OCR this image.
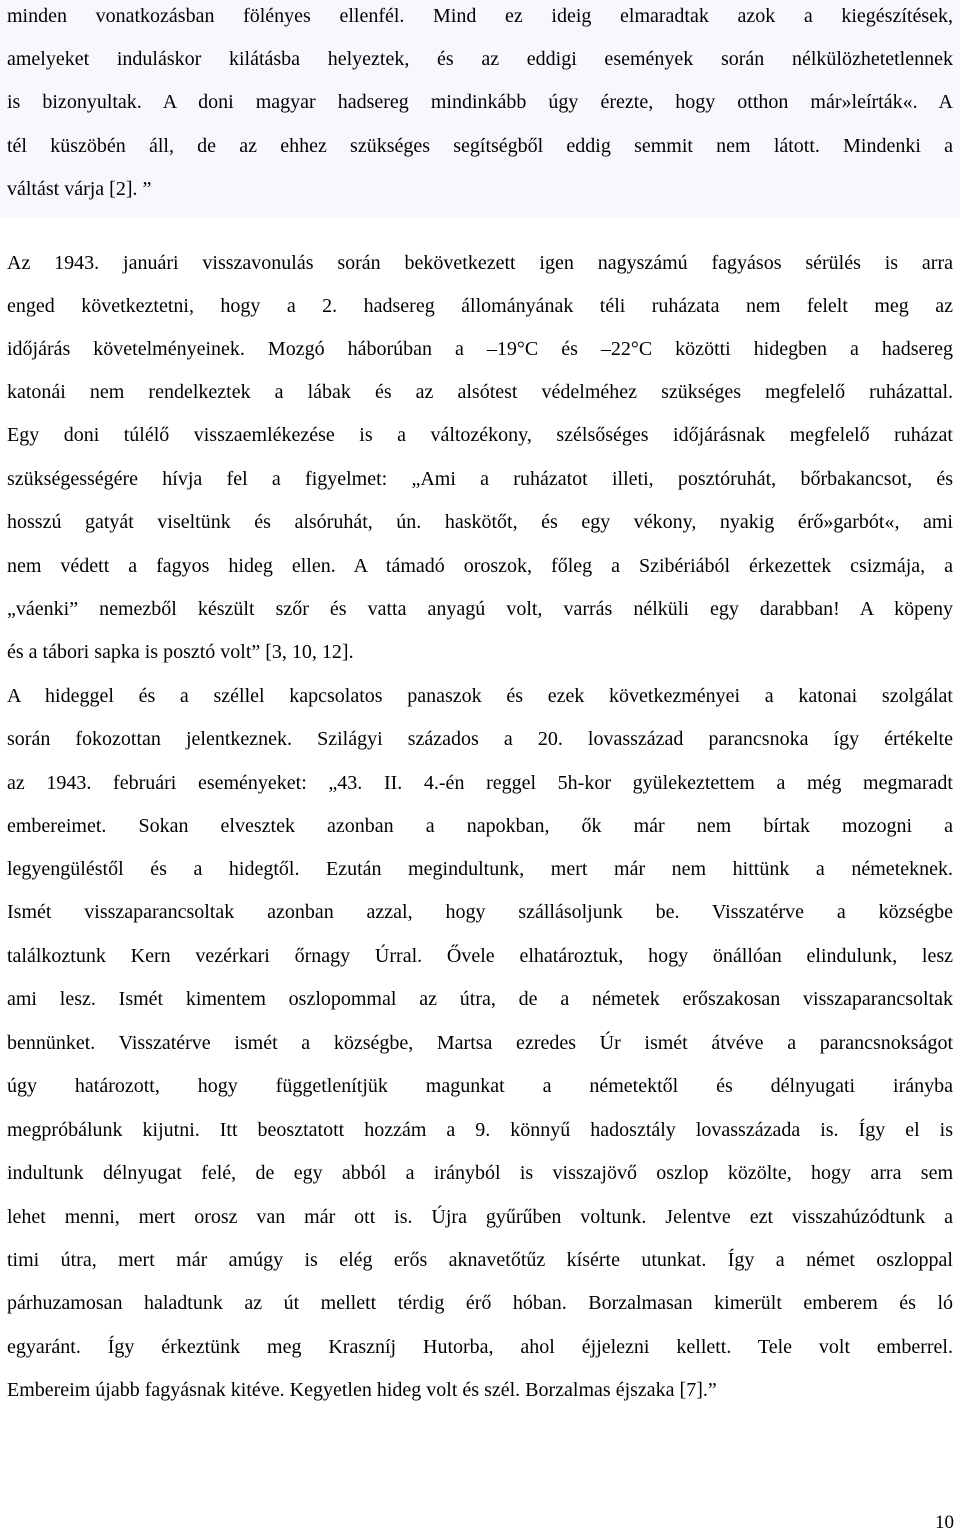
minden vonatkozásban fölényes ellenfél. Mind ez ideig elmaradtak azok a kiegészítések,
amelyeket induláskor kilátásba helyeztek, és az eddigi események során nélkülözhetetlennek
is bizonyultak. A doni magyar hadsereg mindinkább úgy érezte, hogy otthon már»leírták«. A
tél küszöbén áll, de az ehhez szükséges segítségből eddig semmit nem látott. Mindenki a
váltást várja [2]. ”
Az 1943. januári visszavonulás során bekövetkezett igen nagyszámú fagyásos sérülés is arra
enged következtetni, hogy a 2. hadsereg állományának téli ruházata nem felelt meg az
időjárás követelményeinek. Mozgó háborúban a –19°C és –22°C közötti hidegben a hadsereg
katonái nem rendelkeztek a lábak és az alsótest védelméhez szükséges megfelelő ruházattal.
Egy doni túlélő visszaemlékezése is a változékony, szélsőséges időjárásnak megfelelő ruházat
szükségességére hívja fel a figyelmet: „Ami a ruházatot illeti, posztóruhát, bőrbakancsot, és
hosszú gatyát viseltünk és alsóruhát, ún. haskötőt, és egy vékony, nyakig érő»garbót«, ami
nem védett a fagyos hideg ellen. A támadó oroszok, főleg a Szibériából érkezettek csizmája, a
„váenki” nemezből készült szőr és vatta anyagú volt, varrás nélküli egy darabban! A köpeny
és a tábori sapka is posztó volt” [3, 10, 12].
A hideggel és a széllel kapcsolatos panaszok és ezek következményei a katonai szolgálat
során fokozottan jelentkeznek. Szilágyi százados a 20. lovasszázad parancsnoka így értékelte
az 1943. februári eseményeket: „43. II. 4.-én reggel 5h-kor gyülekeztettem a még megmaradt
embereimet. Sokan elvesztek azonban a napokban, ők már nem bírtak mozogni a
legyengüléstől és a hidegtől. Ezután megindultunk, mert már nem hittünk a németeknek.
Ismét visszaparancsoltak azonban azzal, hogy szállásoljunk be. Visszatérve a községbe
találkoztunk Kern vezérkari őrnagy Úrral. Ővele elhatároztuk, hogy önállóan elindulunk, lesz
ami lesz. Ismét kimentem oszlopommal az útra, de a németek erőszakosan visszaparancsoltak
bennünket. Visszatérve ismét a községbe, Martsa ezredes Úr ismét átvéve a parancsnokságot
úgy határozott, hogy függetlenítjük magunkat a németektől és délnyugati irányba
megpróbálunk kijutni. Itt beosztatott hozzám a 9. könnyű hadosztály lovasszázada is. Így el is
indultunk délnyugat felé, de egy abból a irányból is visszajövő oszlop közölte, hogy arra sem
lehet menni, mert orosz van már ott is. Újra gyűrűben voltunk. Jelentve ezt visszahúzódtunk a
timi útra, mert már amúgy is elég erős aknavetőtűz kísérte utunkat. Így a német oszloppal
párhuzamosan haladtunk az út mellett térdig érő hóban. Borzalmasan kimerült emberem és ló
egyaránt. Így érkeztünk meg Kraszníj Hutorba, ahol éjjelezni kellett. Tele volt emberrel.
Embereim újabb fagyásnak kitéve. Kegyetlen hideg volt és szél. Borzalmas éjszaka [7].”
10
